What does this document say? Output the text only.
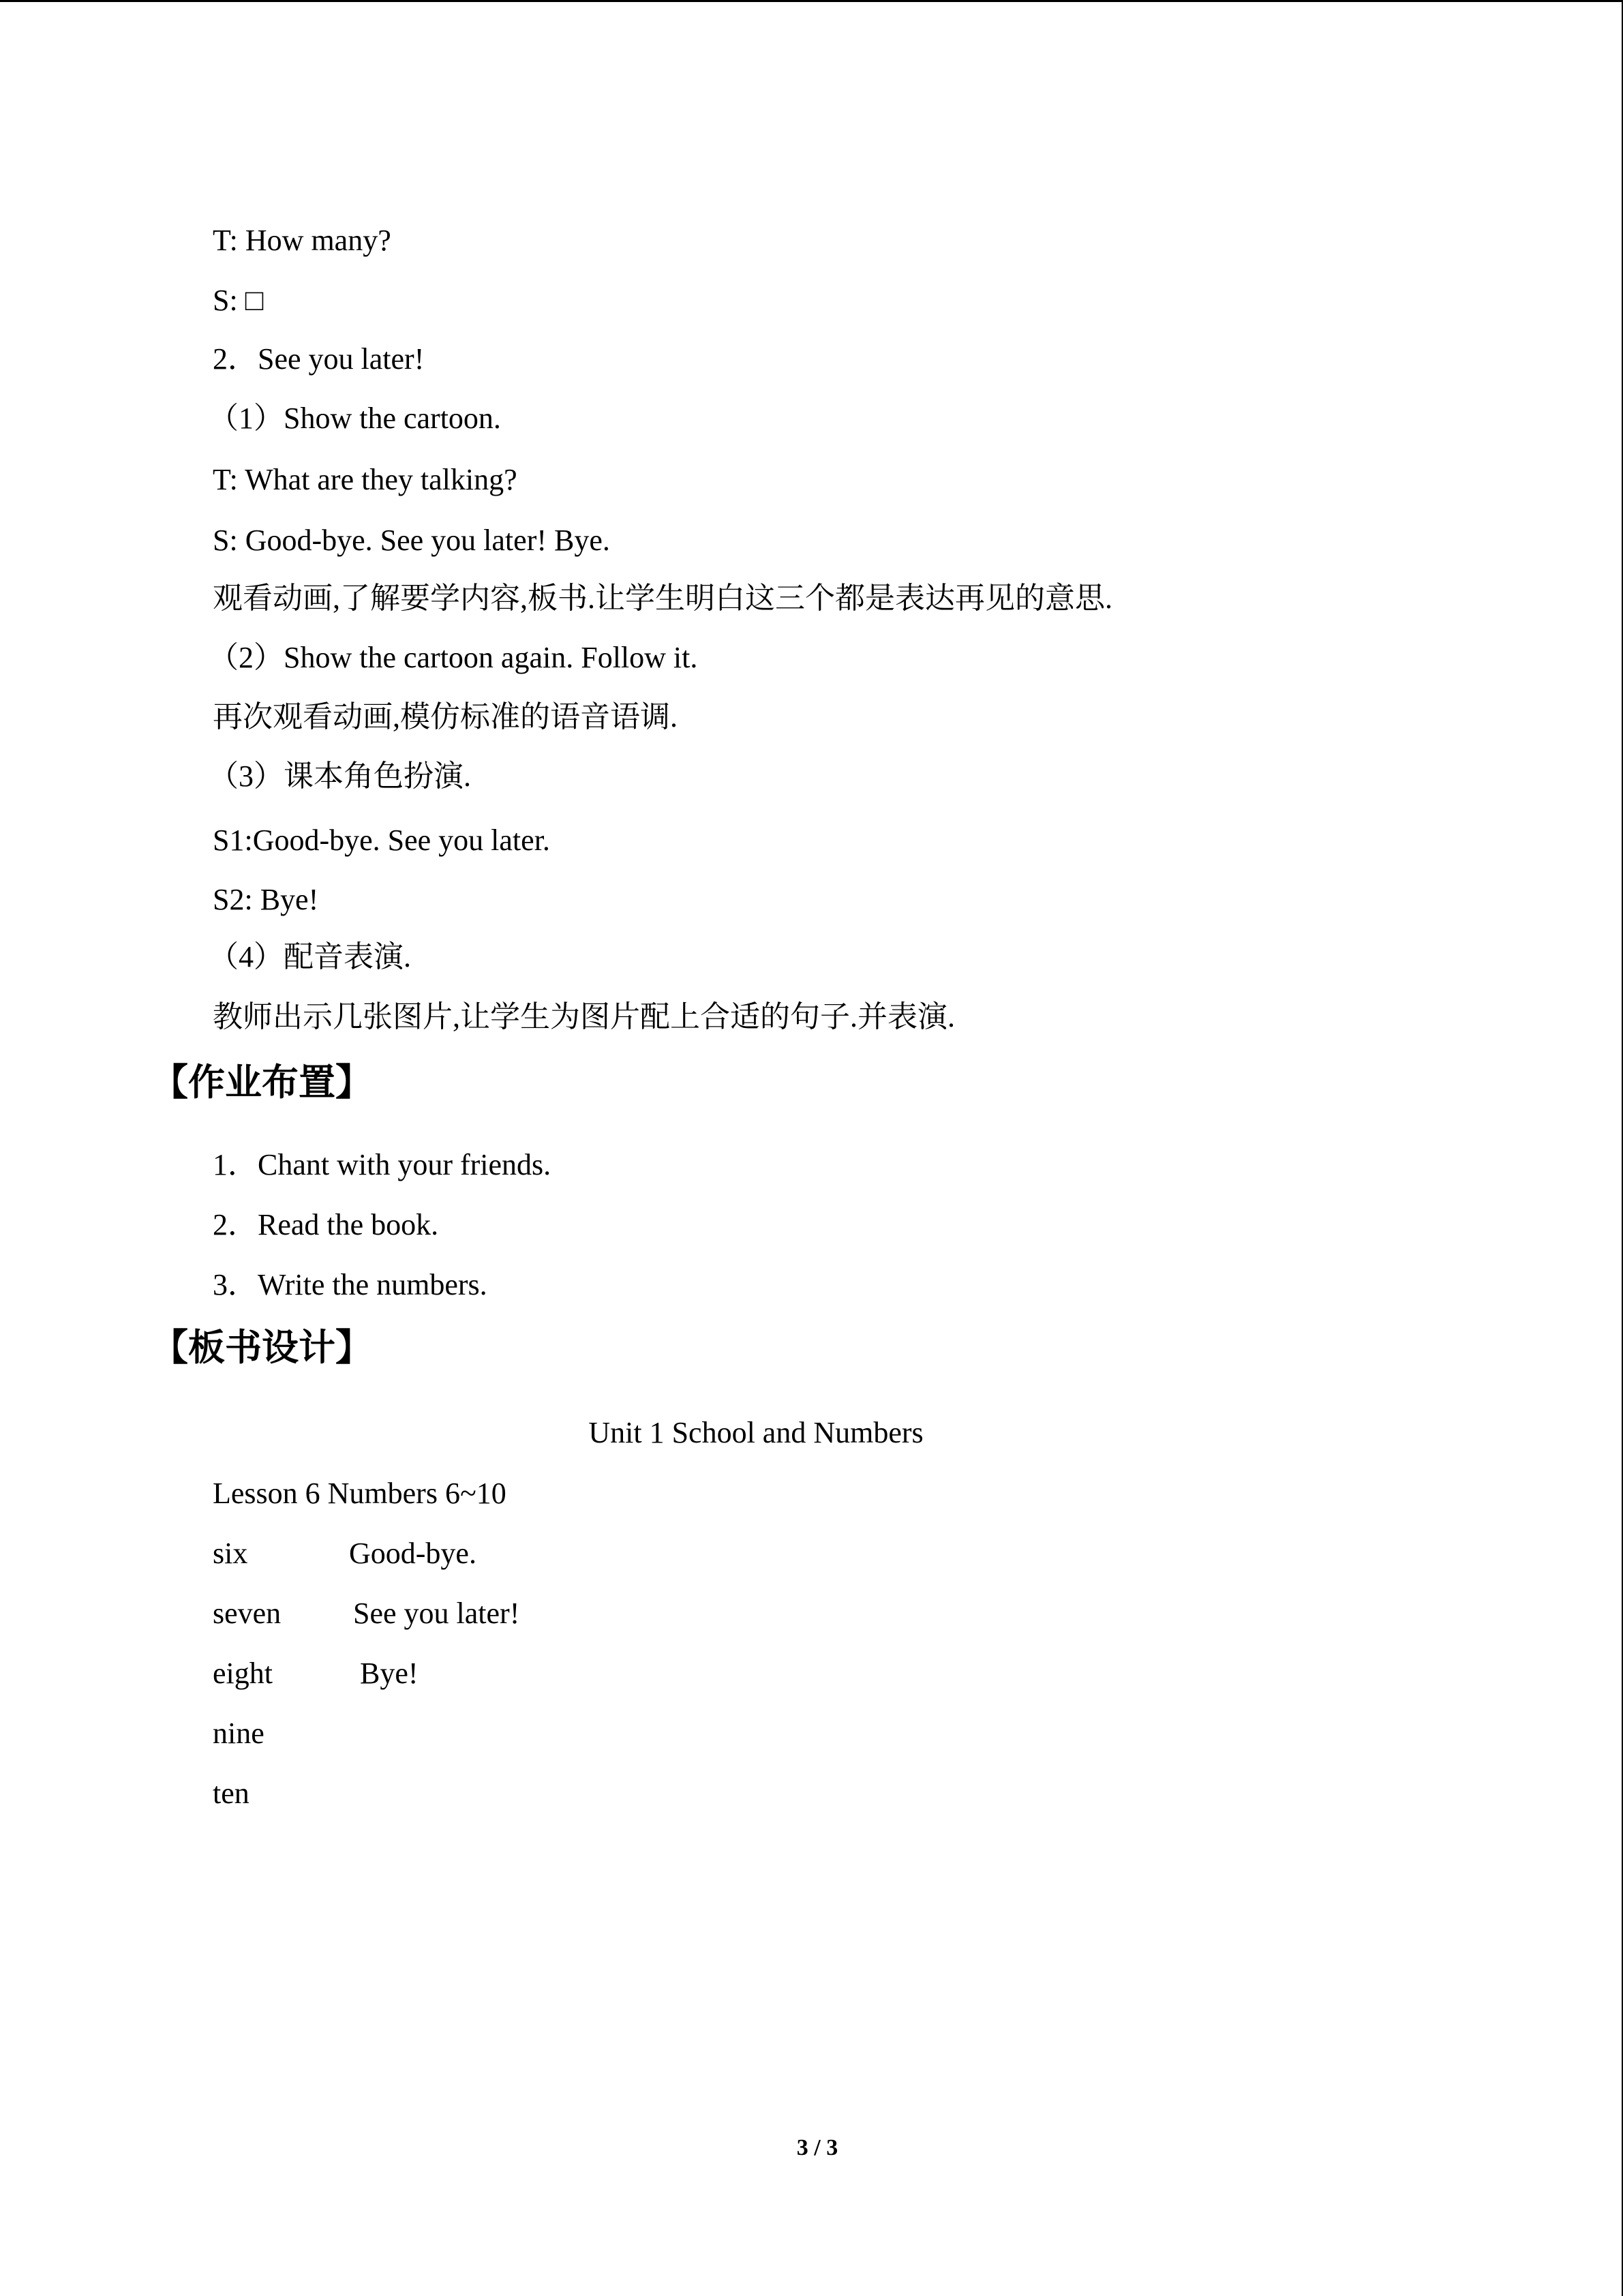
T: How many?
S: □
2．See you later!
（1）Show the cartoon.
T: What are they talking?
S: Good-bye. See you later! Bye.
观看动画,了解要学内容,板书.让学生明白这三个都是表达再见的意思.
（2）Show the cartoon again. Follow it.
再次观看动画,模仿标准的语音语调.
（3）课本角色扮演.
S1:Good-bye. See you later.
S2: Bye!
（4）配音表演.
教师出示几张图片,让学生为图片配上合适的句子.并表演.
【作业布置】
1．Chant with your friends.
2．Read the book.
3．Write the numbers.
【板书设计】
Unit 1 School and Numbers
Lesson 6 Numbers 6~10
six	Good-bye.
seven See you later!
eight	Bye!
nine
ten
3 / 3
